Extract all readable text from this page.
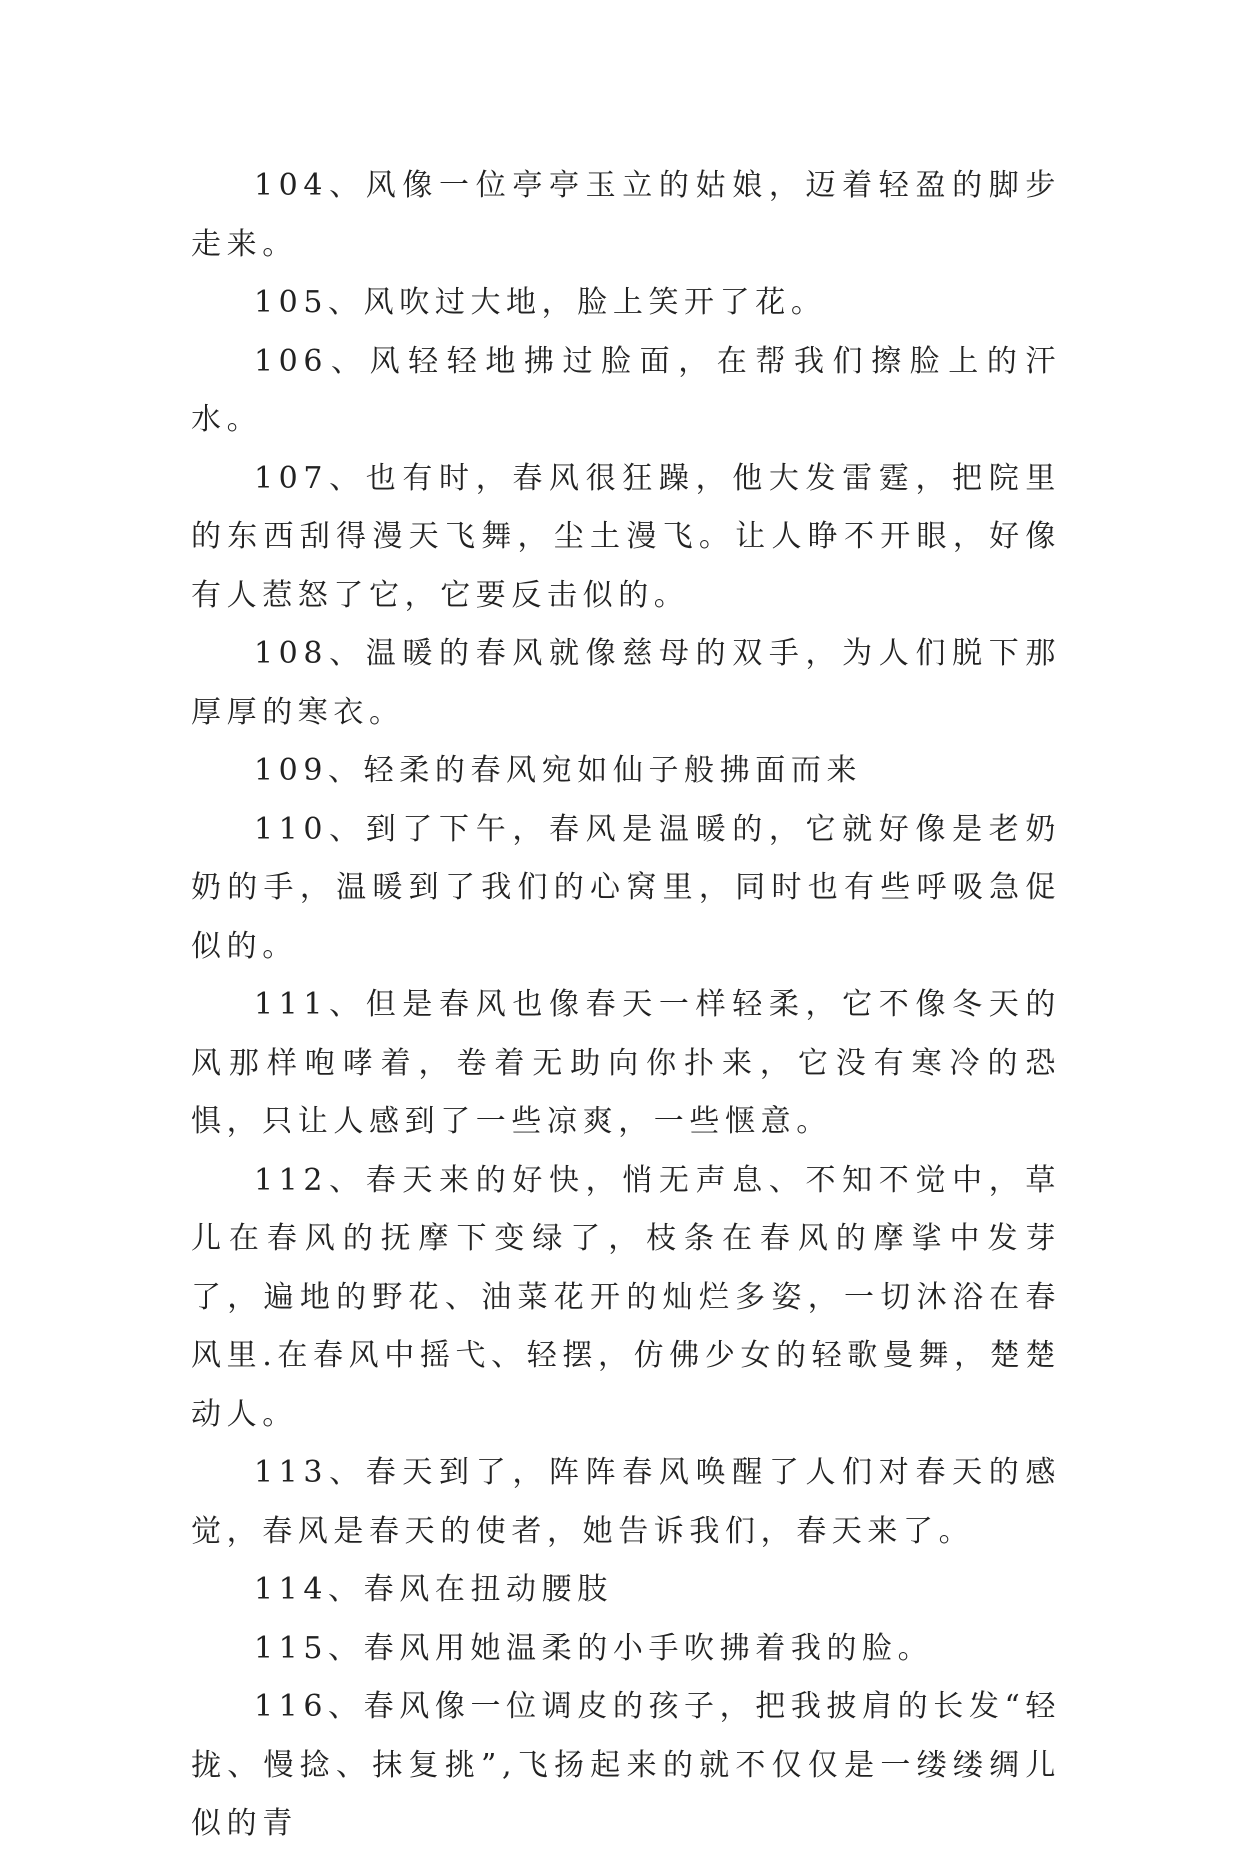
104、风像一位亭亭玉立的姑娘，迈着轻盈的脚步走来。

105、风吹过大地，脸上笑开了花。

106、风轻轻地拂过脸面，在帮我们擦脸上的汗水。

107、也有时，春风很狂躁，他大发雷霆，把院里的东西刮得漫天飞舞，尘土漫飞。让人睁不开眼，好像有人惹怒了它，它要反击似的。

108、温暖的春风就像慈母的双手，为人们脱下那厚厚的寒衣。

109、轻柔的春风宛如仙子般拂面而来

110、到了下午，春风是温暖的，它就好像是老奶奶的手，温暖到了我们的心窝里，同时也有些呼吸急促似的。

111、但是春风也像春天一样轻柔，它不像冬天的风那样咆哮着，卷着无助向你扑来，它没有寒冷的恐惧，只让人感到了一些凉爽，一些惬意。

112、春天来的好快，悄无声息、不知不觉中，草儿在春风的抚摩下变绿了，枝条在春风的摩挲中发芽了，遍地的野花、油菜花开的灿烂多姿，一切沐浴在春风里.在春风中摇弋、轻摆，仿佛少女的轻歌曼舞，楚楚动人。

113、春天到了，阵阵春风唤醒了人们对春天的感觉，春风是春天的使者，她告诉我们，春天来了。

114、春风在扭动腰肢

115、春风用她温柔的小手吹拂着我的脸。

116、春风像一位调皮的孩子，把我披肩的长发“轻拢、慢捻、抹复挑”,飞扬起来的就不仅仅是一缕缕绸儿似的青
